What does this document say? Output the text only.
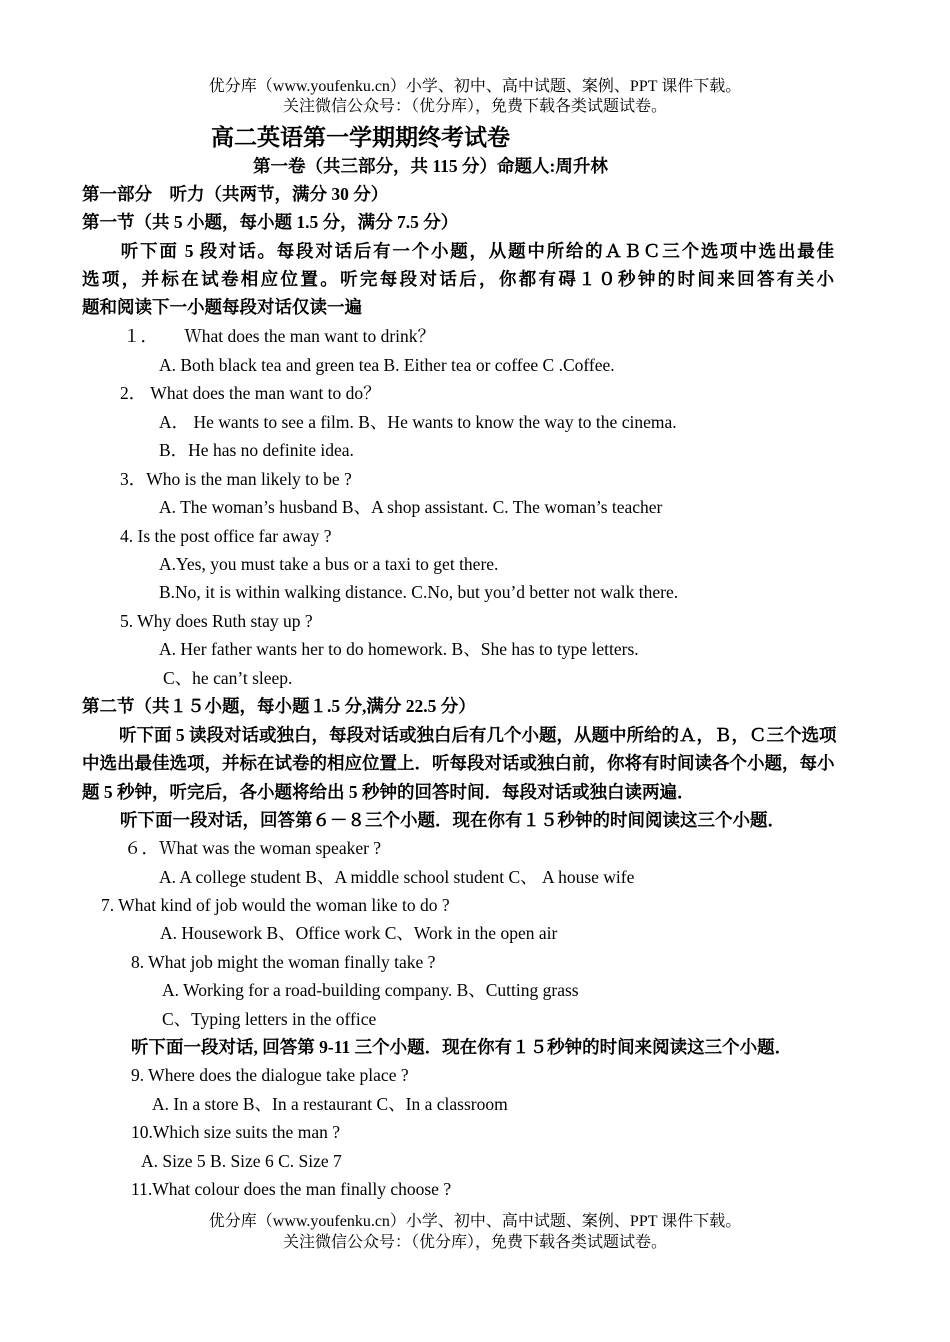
优分库（www.youfenku.cn）小学、初中、高中试题、案例、PPT 课件下载。
关注微信公众号：（优分库），免费下载各类试题试卷。
高二英语第一学期期终考试卷
第一卷（共三部分，共 115 分）命题人:周升林
第一部分　听力（共两节，满分 30 分）
第一节（共 5 小题，每小题 1.5 分，满分 7.5 分）
听下面 5 段对话。每段对话后有一个小题，从题中所给的ＡＢＣ三个选项中选出最佳
选项，并标在试卷相应位置。听完每段对话后，你都有碍１０秒钟的时间来回答有关小
题和阅读下一小题每段对话仅读一遍
１．　　Ｗhat does the man want to drink？
A. Both black tea and green tea B. Either tea or coffee C .Coffee.
2． What does the man want to do？
A． He wants to see a film. B、He wants to know the way to the cinema.
B．He has no definite idea.
3．Who is the man likely to be ?
A. The woman’s husband B、A shop assistant. C. The woman’s teacher
4. Is the post office far away ?
A.Yes, you must take a bus or a taxi to get there.
B.No, it is within walking distance. C.No, but you’d better not walk there.
5. Why does Ruth stay up ?
A. Her father wants her to do homework. B、She has to type letters.
C、he can’t sleep.
第二节（共１５小题，每小题１.5 分,满分 22.5 分）
听下面 5 读段对话或独白，每段对话或独白后有几个小题，从题中所给的Ａ，Ｂ，Ｃ三个选项
中选出最佳选项，并标在试卷的相应位置上．听每段对话或独白前，你将有时间读各个小题，每小
题 5 秒钟，听完后，各小题将给出 5 秒钟的回答时间．每段对话或独白读两遍．
听下面一段对话，回答第６－８三个小题．现在你有１５秒钟的时间阅读这三个小题．
６．Ｗhat was the woman speaker ?
A. A college student B、A middle school student C、 A house wife
7. What kind of job would the woman like to do ?
A. Housework B、Office work C、Work in the open air
8. What job might the woman finally take ?
A. Working for a road-building company. B、Cutting grass
C、Typing letters in the office
听下面一段对话, 回答第 9-11 三个小题．现在你有１５秒钟的时间来阅读这三个小题．
9. Where does the dialogue take place ?
A. In a store B、In a restaurant C、In a classroom
10.Which size suits the man ?
A. Size 5 B. Size 6 C. Size 7
11.What colour does the man finally choose ?
优分库（www.youfenku.cn）小学、初中、高中试题、案例、PPT 课件下载。
关注微信公众号：（优分库），免费下载各类试题试卷。
